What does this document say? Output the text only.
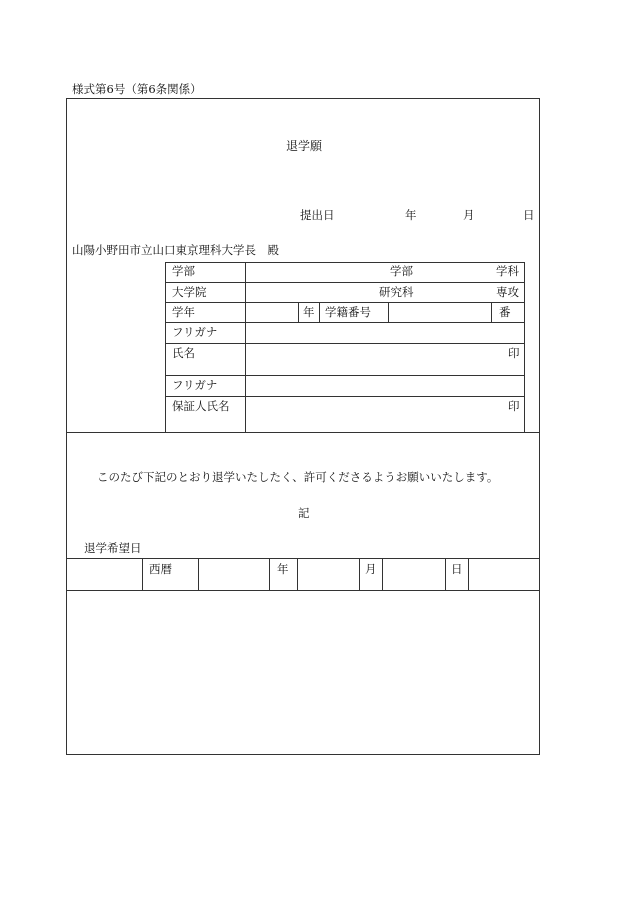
様式第6号（第6条関係）
退学願
提出日	年	月	日
山陽小野田市立山口東京理科大学長　殿
学部	学部	学科
大学院	研究科	専攻
学年	年 学籍番号	番
フリガナ
氏名	印
フリガナ
保証人氏名	印
このたび下記のとおり退学いたしたく、許可くださるようお願いいたします。
記
退学希望日
西暦	年	月	日
